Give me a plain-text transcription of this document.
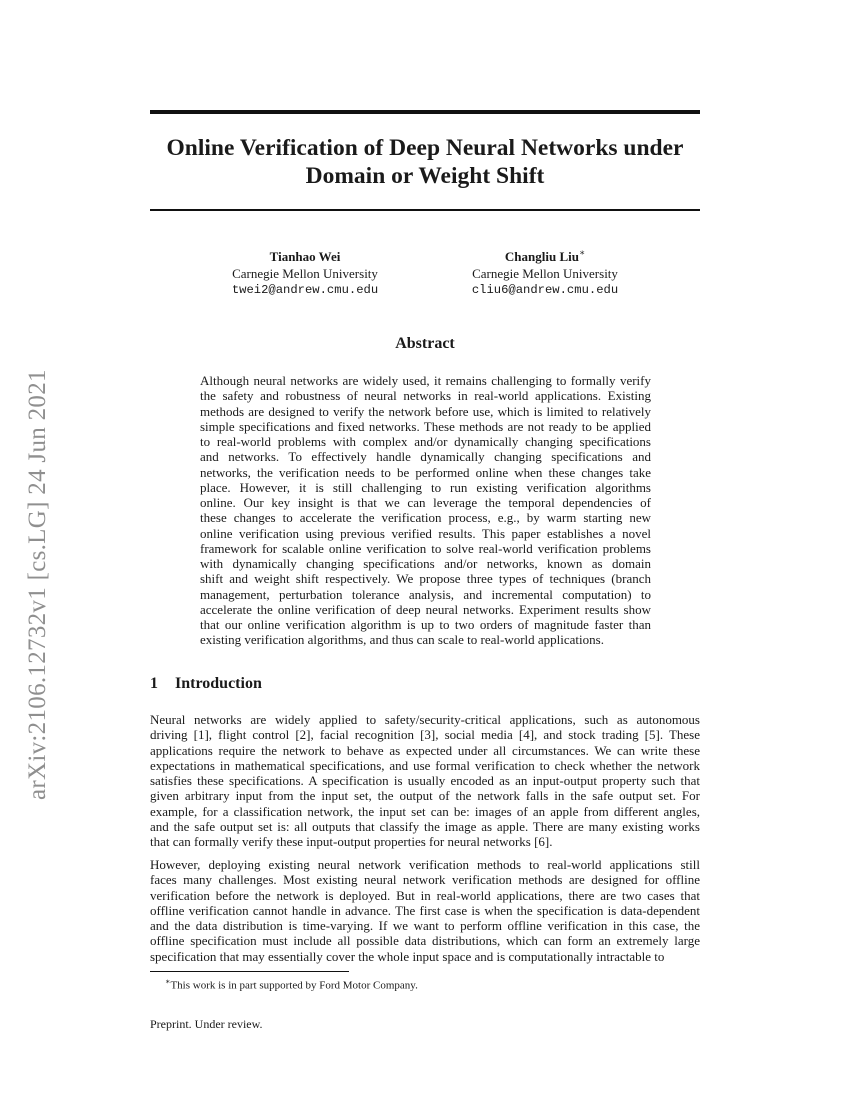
arXiv:2106.12732v1 [cs.LG] 24 Jun 2021
Online Verification of Deep Neural Networks under
Domain or Weight Shift
Tianhao Wei
Carnegie Mellon University
twei2@andrew.cmu.edu
Changliu Liu∗
Carnegie Mellon University
cliu6@andrew.cmu.edu
Abstract
Although neural networks are widely used, it remains challenging to formally verify
the safety and robustness of neural networks in real-world applications. Existing
methods are designed to verify the network before use, which is limited to relatively
simple specifications and fixed networks. These methods are not ready to be applied
to real-world problems with complex and/or dynamically changing specifications
and networks. To effectively handle dynamically changing specifications and
networks, the verification needs to be performed online when these changes take
place. However, it is still challenging to run existing verification algorithms
online. Our key insight is that we can leverage the temporal dependencies of
these changes to accelerate the verification process, e.g., by warm starting new
online verification using previous verified results. This paper establishes a novel
framework for scalable online verification to solve real-world verification problems
with dynamically changing specifications and/or networks, known as domain
shift and weight shift respectively. We propose three types of techniques (branch
management, perturbation tolerance analysis, and incremental computation) to
accelerate the online verification of deep neural networks. Experiment results show
that our online verification algorithm is up to two orders of magnitude faster than
existing verification algorithms, and thus can scale to real-world applications.
1 Introduction
Neural networks are widely applied to safety/security-critical applications, such as autonomous
driving [1], flight control [2], facial recognition [3], social media [4], and stock trading [5]. These
applications require the network to behave as expected under all circumstances. We can write these
expectations in mathematical specifications, and use formal verification to check whether the network
satisfies these specifications. A specification is usually encoded as an input-output property such that
given arbitrary input from the input set, the output of the network falls in the safe output set. For
example, for a classification network, the input set can be: images of an apple from different angles,
and the safe output set is: all outputs that classify the image as apple. There are many existing works
that can formally verify these input-output properties for neural networks [6].
However, deploying existing neural network verification methods to real-world applications still
faces many challenges. Most existing neural network verification methods are designed for offline
verification before the network is deployed. But in real-world applications, there are two cases that
offline verification cannot handle in advance. The first case is when the specification is data-dependent
and the data distribution is time-varying. If we want to perform offline verification in this case, the
offline specification must include all possible data distributions, which can form an extremely large
specification that may essentially cover the whole input space and is computationally intractable to
∗This work is in part supported by Ford Motor Company.
Preprint. Under review.
